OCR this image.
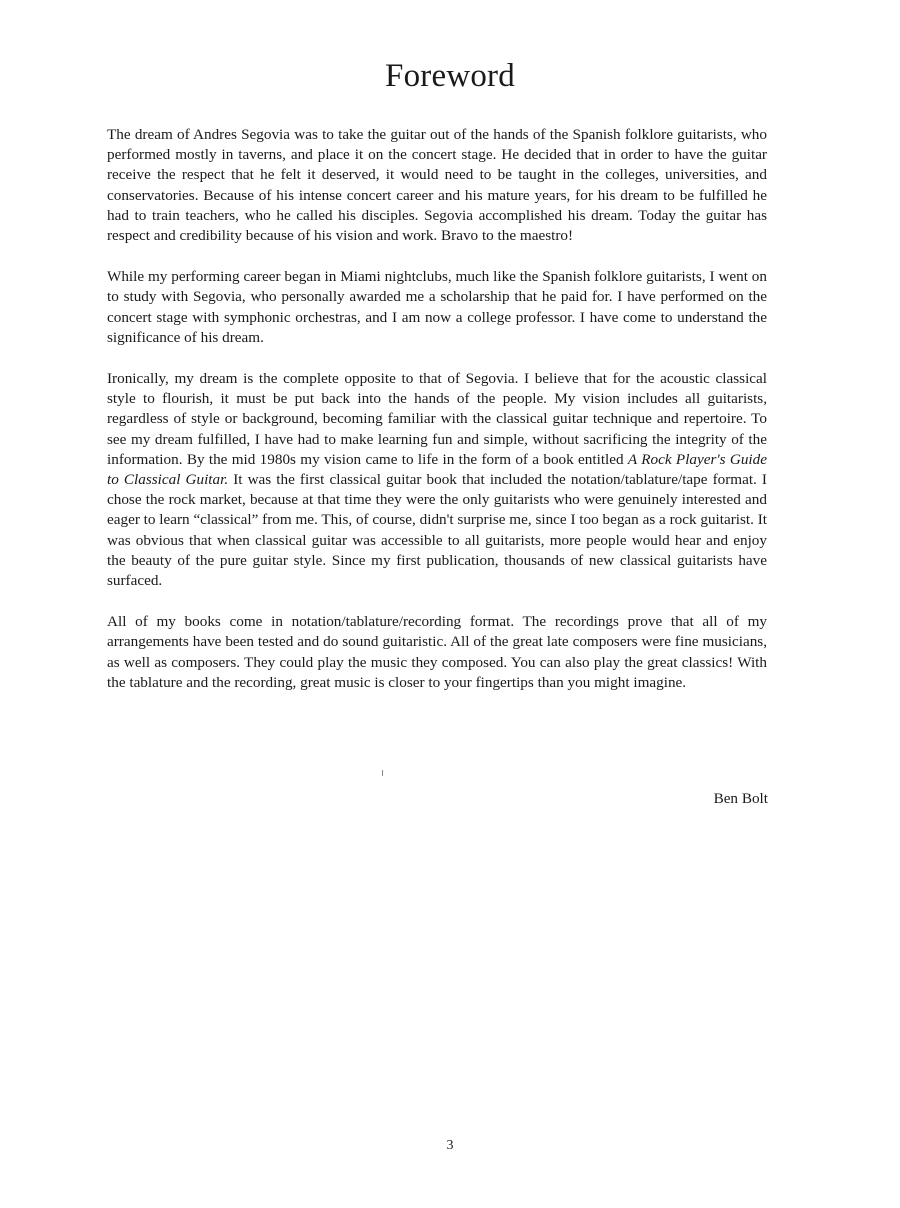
Foreword

The dream of Andres Segovia was to take the guitar out of the hands of the Spanish folklore guitarists, who performed mostly in taverns, and place it on the concert stage. He decided that in order to have the guitar receive the respect that he felt it deserved, it would need to be taught in the colleges, universities, and conservatories. Because of his intense concert career and his mature years, for his dream to be fulfilled he had to train teachers, who he called his disciples. Segovia accomplished his dream. Today the guitar has respect and credibility because of his vision and work. Bravo to the maestro!

While my performing career began in Miami nightclubs, much like the Spanish folklore guitarists, I went on to study with Segovia, who personally awarded me a scholarship that he paid for. I have performed on the concert stage with symphonic orchestras, and I am now a college professor. I have come to understand the significance of his dream.

Ironically, my dream is the complete opposite to that of Segovia. I believe that for the acoustic classical style to flourish, it must be put back into the hands of the people. My vision includes all guitarists, regardless of style or background, becoming familiar with the classical guitar technique and repertoire. To see my dream fulfilled, I have had to make learning fun and simple, without sacrificing the integrity of the information. By the mid 1980s my vision came to life in the form of a book entitled A Rock Player's Guide to Classical Guitar. It was the first classical guitar book that included the notation/tablature/tape format. I chose the rock market, because at that time they were the only guitarists who were genuinely interested and eager to learn “classical” from me. This, of course, didn't surprise me, since I too began as a rock guitarist. It was obvious that when classical guitar was accessible to all guitarists, more people would hear and enjoy the beauty of the pure guitar style. Since my first publication, thousands of new classical guitarists have surfaced.

All of my books come in notation/tablature/recording format. The recordings prove that all of my arrangements have been tested and do sound guitaristic. All of the great late composers were fine musicians, as well as composers. They could play the music they composed. You can also play the great classics! With the tablature and the recording, great music is closer to your fingertips than you might imagine.

Ben Bolt
3
